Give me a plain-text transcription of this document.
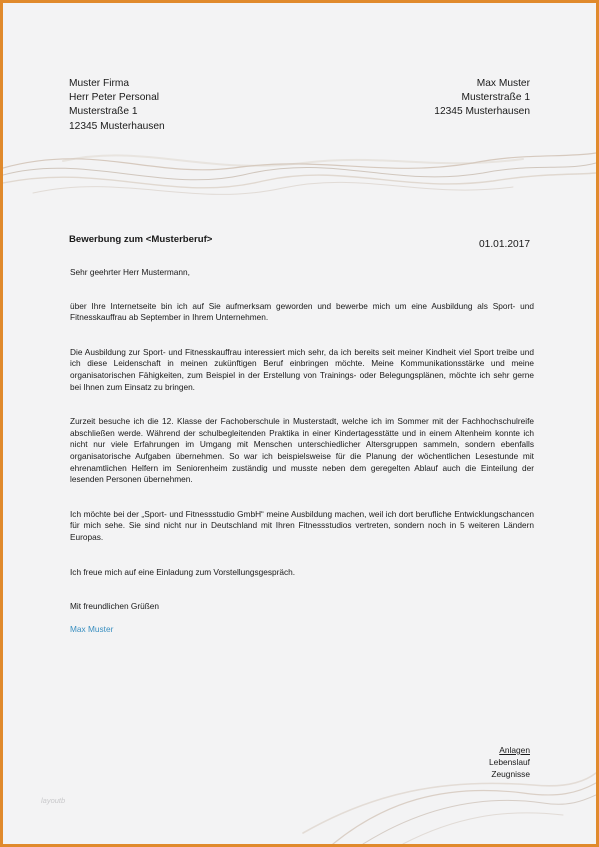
Muster Firma
Herr Peter Personal
Musterstraße 1
12345 Musterhausen
Max Muster
Musterstraße 1
12345 Musterhausen
Bewerbung zum <Musterberuf>	01.01.2017

Sehr geehrter Herr Mustermann,

über Ihre Internetseite bin ich auf Sie aufmerksam geworden und bewerbe mich um eine Ausbildung als Sport- und Fitnesskauffrau ab September in Ihrem Unternehmen.

Die Ausbildung zur Sport- und Fitnesskauffrau interessiert mich sehr, da ich bereits seit meiner Kindheit viel Sport treibe und ich diese Leidenschaft in meinen zukünftigen Beruf einbringen möchte. Meine Kommunikationsstärke und meine organisatorischen Fähigkeiten, zum Beispiel in der Erstellung von Trainings- oder Belegungsplänen, möchte ich sehr gerne bei Ihnen zum Einsatz zu bringen.

Zurzeit besuche ich die 12. Klasse der Fachoberschule in Musterstadt, welche ich im Sommer mit der Fachhochschulreife abschließen werde. Während der schulbegleitenden Praktika in einer Kindertagesstätte und in einem Altenheim konnte ich nicht nur viele Erfahrungen im Umgang mit Menschen unterschiedlicher Altersgruppen sammeln, sondern ebenfalls organisatorische Aufgaben übernehmen. So war ich beispielsweise für die Planung der wöchentlichen Lesestunde mit ehrenamtlichen Helfern im Seniorenheim zuständig und musste neben dem geregelten Ablauf auch die Einteilung der lesenden Personen übernehmen.

Ich möchte bei der „Sport- und Fitnessstudio GmbH“ meine Ausbildung machen, weil ich dort berufliche Entwicklungschancen für mich sehe. Sie sind nicht nur in Deutschland mit Ihren Fitnessstudios vertreten, sondern noch in 5 weiteren Ländern Europas.

Ich freue mich auf eine Einladung zum Vorstellungsgespräch.

Mit freundlichen Grüßen

Max Muster

Anlagen
Lebenslauf
Zeugnisse
layoutb
